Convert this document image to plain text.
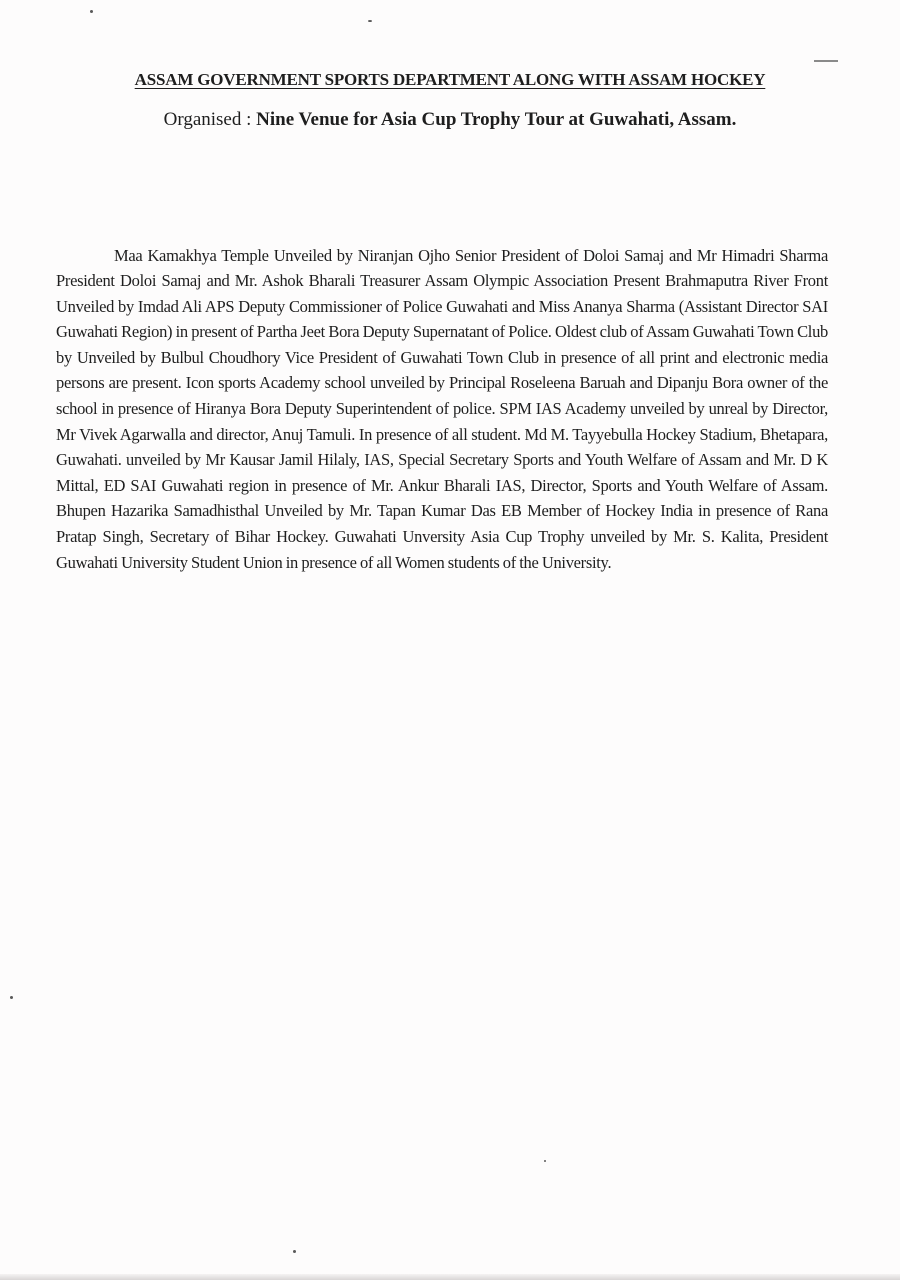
ASSAM GOVERNMENT SPORTS DEPARTMENT ALONG WITH ASSAM HOCKEY
Organised : Nine Venue for Asia Cup Trophy Tour at Guwahati, Assam.

Maa Kamakhya Temple Unveiled by Niranjan Ojho Senior President of Doloi Samaj and Mr Himadri Sharma President Doloi Samaj and Mr. Ashok Bharali Treasurer Assam Olympic Association Present Brahmaputra River Front Unveiled by Imdad Ali APS Deputy Commissioner of Police Guwahati and Miss Ananya Sharma (Assistant Director SAI Guwahati Region) in present of Partha Jeet Bora Deputy Supernatant of Police. Oldest club of Assam Guwahati Town Club by Unveiled by Bulbul Choudhory Vice President of Guwahati Town Club in presence of all print and electronic media persons are present. Icon sports Academy school unveiled by Principal Roseleena Baruah and Dipanju Bora owner of the school in presence of Hiranya Bora Deputy Superintendent of police. SPM IAS Academy unveiled by unreal by Director, Mr Vivek Agarwalla and director, Anuj Tamuli. In presence of all student. Md M. Tayyebulla Hockey Stadium, Bhetapara, Guwahati. unveiled by Mr Kausar Jamil Hilaly, IAS, Special Secretary Sports and Youth Welfare of Assam and Mr. D K Mittal, ED SAI Guwahati region in presence of Mr. Ankur Bharali IAS, Director, Sports and Youth Welfare of Assam. Bhupen Hazarika Samadhisthal Unveiled by Mr. Tapan Kumar Das EB Member of Hockey India in presence of Rana Pratap Singh, Secretary of Bihar Hockey. Guwahati Unversity Asia Cup Trophy unveiled by Mr. S. Kalita, President Guwahati University Student Union in presence of all Women students of the University.
